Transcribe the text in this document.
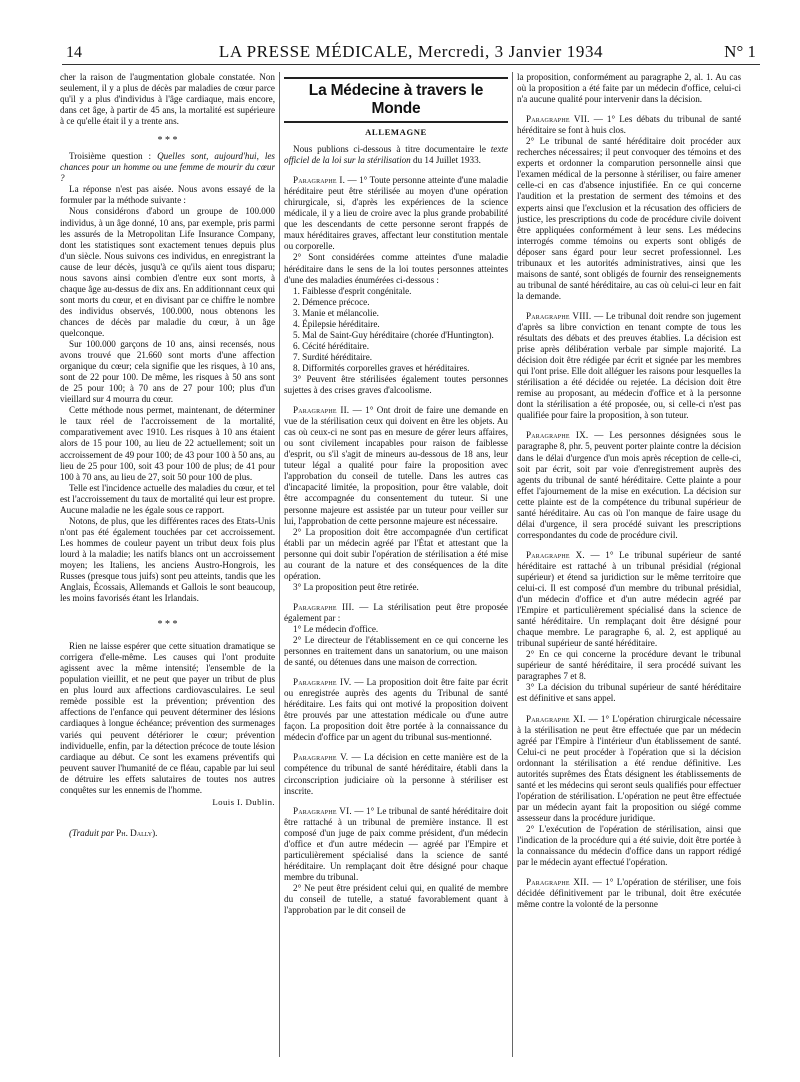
14	LA PRESSE MÉDICALE, Mercredi, 3 Janvier 1934	N° 1

cher la raison de l'augmentation globale constatée. Non seulement, il y a plus de décès par maladies de cœur parce qu'il y a plus d'individus à l'âge cardiaque, mais encore, dans cet âge, à partir de 45 ans, la mortalité est supérieure à ce qu'elle était il y a trente ans.

* * *

Troisième question : Quelles sont, aujourd'hui, les chances pour un homme ou une femme de mourir du cœur ?

La réponse n'est pas aisée. Nous avons essayé de la formuler par la méthode suivante :

Nous considérons d'abord un groupe de 100.000 individus, à un âge donné, 10 ans, par exemple, pris parmi les assurés de la Metropolitan Life Insurance Company, dont les statistiques sont exactement tenues depuis plus d'un siècle. Nous suivons ces individus, en enregistrant la cause de leur décès, jusqu'à ce qu'ils aient tous disparu; nous savons ainsi combien d'entre eux sont morts, à chaque âge au-dessus de dix ans. En additionnant ceux qui sont morts du cœur, et en divisant par ce chiffre le nombre des individus observés, 100.000, nous obtenons les chances de décès par maladie du cœur, à un âge quelconque.

Sur 100.000 garçons de 10 ans, ainsi recensés, nous avons trouvé que 21.660 sont morts d'une affection organique du cœur; cela signifie que les risques, à 10 ans, sont de 22 pour 100. De même, les risques à 50 ans sont de 25 pour 100; à 70 ans de 27 pour 100; plus d'un vieillard sur 4 mourra du cœur.

Cette méthode nous permet, maintenant, de déterminer le taux réel de l'accroissement de la mortalité, comparativement avec 1910. Les risques à 10 ans étaient alors de 15 pour 100, au lieu de 22 actuellement; soit un accroissement de 49 pour 100; de 43 pour 100 à 50 ans, au lieu de 25 pour 100, soit 43 pour 100 de plus; de 41 pour 100 à 70 ans, au lieu de 27, soit 50 pour 100 de plus.

Telle est l'incidence actuelle des maladies du cœur, et tel est l'accroissement du taux de mortalité qui leur est propre. Aucune maladie ne les égale sous ce rapport.

Notons, de plus, que les différentes races des Etats-Unis n'ont pas été également touchées par cet accroissement. Les hommes de couleur payent un tribut deux fois plus lourd à la maladie; les natifs blancs ont un accroissement moyen; les Italiens, les anciens Austro-Hongrois, les Russes (presque tous juifs) sont peu atteints, tandis que les Anglais, Écossais, Allemands et Gallois le sont beaucoup, les moins favorisés étant les Irlandais.

* * *

Rien ne laisse espérer que cette situation dramatique se corrigera d'elle-même. Les causes qui l'ont produite agissent avec la même intensité; l'ensemble de la population vieillit, et ne peut que payer un tribut de plus en plus lourd aux affections cardiovasculaires. Le seul remède possible est la prévention; prévention des affections de l'enfance qui peuvent déterminer des lésions cardiaques à longue échéance; prévention des surmenages variés qui peuvent détériorer le cœur; prévention individuelle, enfin, par la détection précoce de toute lésion cardiaque au début. Ce sont les examens préventifs qui peuvent sauver l'humanité de ce fléau, capable par lui seul de détruire les effets salutaires de toutes nos autres conquêtes sur les ennemis de l'homme.

Louis I. Dublin.

(Traduit par Ph. Dally).

La Médecine à travers le Monde
ALLEMAGNE

Nous publions ci-dessous à titre documentaire le texte officiel de la loi sur la stérilisation du 14 Juillet 1933.

Paragraphe I. — 1° Toute personne atteinte d'une maladie héréditaire peut être stérilisée au moyen d'une opération chirurgicale, si, d'après les expériences de la science médicale, il y a lieu de croire avec la plus grande probabilité que les descendants de cette personne seront frappés de maux héréditaires graves, affectant leur constitution mentale ou corporelle.

2° Sont considérées comme atteintes d'une maladie héréditaire dans le sens de la loi toutes personnes atteintes d'une des maladies énumérées ci-dessous :

1. Faiblesse d'esprit congénitale.
2. Démence précoce.
3. Manie et mélancolie.
4. Épilepsie héréditaire.
5. Mal de Saint-Guy héréditaire (chorée d'Huntington).
6. Cécité héréditaire.
7. Surdité héréditaire.
8. Difformités corporelles graves et héréditaires.

3° Peuvent être stérilisées également toutes personnes sujettes à des crises graves d'alcoolisme.

Paragraphe II. — 1° Ont droit de faire une demande en vue de la stérilisation ceux qui doivent en être les objets. Au cas où ceux-ci ne sont pas en mesure de gérer leurs affaires, ou sont civilement incapables pour raison de faiblesse d'esprit, ou s'il s'agit de mineurs au-dessous de 18 ans, leur tuteur légal a qualité pour faire la proposition avec l'approbation du conseil de tutelle. Dans les autres cas d'incapacité limitée, la proposition, pour être valable, doit être accompagnée du consentement du tuteur. Si une personne majeure est assistée par un tuteur pour veiller sur lui, l'approbation de cette personne majeure est nécessaire.

2° La proposition doit être accompagnée d'un certificat établi par un médecin agréé par l'État et attestant que la personne qui doit subir l'opération de stérilisation a été mise au courant de la nature et des conséquences de la dite opération.

3° La proposition peut être retirée.

Paragraphe III. — La stérilisation peut être proposée également par :

1° Le médecin d'office.

2° Le directeur de l'établissement en ce qui concerne les personnes en traitement dans un sanatorium, ou une maison de santé, ou détenues dans une maison de correction.

Paragraphe IV. — La proposition doit être faite par écrit ou enregistrée auprès des agents du Tribunal de santé héréditaire. Les faits qui ont motivé la proposition doivent être prouvés par une attestation médicale ou d'une autre façon. La proposition doit être portée à la connaissance du médecin d'office par un agent du tribunal sus-mentionné.

Paragraphe V. — La décision en cette manière est de la compétence du tribunal de santé héréditaire, établi dans la circonscription judiciaire où la personne à stériliser est inscrite.

Paragraphe VI. — 1° Le tribunal de santé héréditaire doit être rattaché à un tribunal de première instance. Il est composé d'un juge de paix comme président, d'un médecin d'office et d'un autre médecin — agréé par l'Empire et particulièrement spécialisé dans la science de santé héréditaire. Un remplaçant doit être désigné pour chaque membre du tribunal.

2° Ne peut être président celui qui, en qualité de membre du conseil de tutelle, a statué favorablement quant à l'approbation par le dit conseil de

la proposition, conformément au paragraphe 2, al. 1. Au cas où la proposition a été faite par un médecin d'office, celui-ci n'a aucune qualité pour intervenir dans la décision.

Paragraphe VII. — 1° Les débats du tribunal de santé héréditaire se font à huis clos.

2° Le tribunal de santé héréditaire doit procéder aux recherches nécessaires; il peut convoquer des témoins et des experts et ordonner la comparution personnelle ainsi que l'examen médical de la personne à stériliser, ou faire amener celle-ci en cas d'absence injustifiée. En ce qui concerne l'audition et la prestation de serment des témoins et des experts ainsi que l'exclusion et la récusation des officiers de justice, les prescriptions du code de procédure civile doivent être appliquées conformément à leur sens. Les médecins interrogés comme témoins ou experts sont obligés de déposer sans égard pour leur secret professionnel. Les tribunaux et les autorités administratives, ainsi que les maisons de santé, sont obligés de fournir des renseignements au tribunal de santé héréditaire, au cas où celui-ci leur en fait la demande.

Paragraphe VIII. — Le tribunal doit rendre son jugement d'après sa libre conviction en tenant compte de tous les résultats des débats et des preuves établies. La décision est prise après délibération verbale par simple majorité. La décision doit être rédigée par écrit et signée par les membres qui l'ont prise. Elle doit alléguer les raisons pour lesquelles la stérilisation a été décidée ou rejetée. La décision doit être remise au proposant, au médecin d'office et à la personne dont la stérilisation a été proposée, ou, si celle-ci n'est pas qualifiée pour faire la proposition, à son tuteur.

Paragraphe IX. — Les personnes désignées sous le paragraphe 8, phr. 5, peuvent porter plainte contre la décision dans le délai d'urgence d'un mois après réception de celle-ci, soit par écrit, soit par voie d'enregistrement auprès des agents du tribunal de santé héréditaire. Cette plainte a pour effet l'ajournement de la mise en exécution. La décision sur cette plainte est de la compétence du tribunal supérieur de santé héréditaire. Au cas où l'on manque de faire usage du délai d'urgence, il sera procédé suivant les prescriptions correspondantes du code de procédure civil.

Paragraphe X. — 1° Le tribunal supérieur de santé héréditaire est rattaché à un tribunal présidial (régional supérieur) et étend sa juridiction sur le même territoire que celui-ci. Il est composé d'un membre du tribunal présidial, d'un médecin d'office et d'un autre médecin agréé par l'Empire et particulièrement spécialisé dans la science de santé héréditaire. Un remplaçant doit être désigné pour chaque membre. Le paragraphe 6, al. 2, est appliqué au tribunal supérieur de santé héréditaire.

2° En ce qui concerne la procédure devant le tribunal supérieur de santé héréditaire, il sera procédé suivant les paragraphes 7 et 8.

3° La décision du tribunal supérieur de santé héréditaire est définitive et sans appel.

Paragraphe XI. — 1° L'opération chirurgicale nécessaire à la stérilisation ne peut être effectuée que par un médecin agréé par l'Empire à l'intérieur d'un établissement de santé. Celui-ci ne peut procéder à l'opération que si la décision ordonnant la stérilisation a été rendue définitive. Les autorités suprêmes des États désignent les établissements de santé et les médecins qui seront seuls qualifiés pour effectuer l'opération de stérilisation. L'opération ne peut être effectuée par un médecin ayant fait la proposition ou siégé comme assesseur dans la procédure juridique.

2° L'exécution de l'opération de stérilisation, ainsi que l'indication de la procédure qui a été suivie, doit être portée à la connaissance du médecin d'office dans un rapport rédigé par le médecin ayant effectué l'opération.

Paragraphe XII. — 1° L'opération de stériliser, une fois décidée définitivement par le tribunal, doit être exécutée même contre la volonté de la personne
